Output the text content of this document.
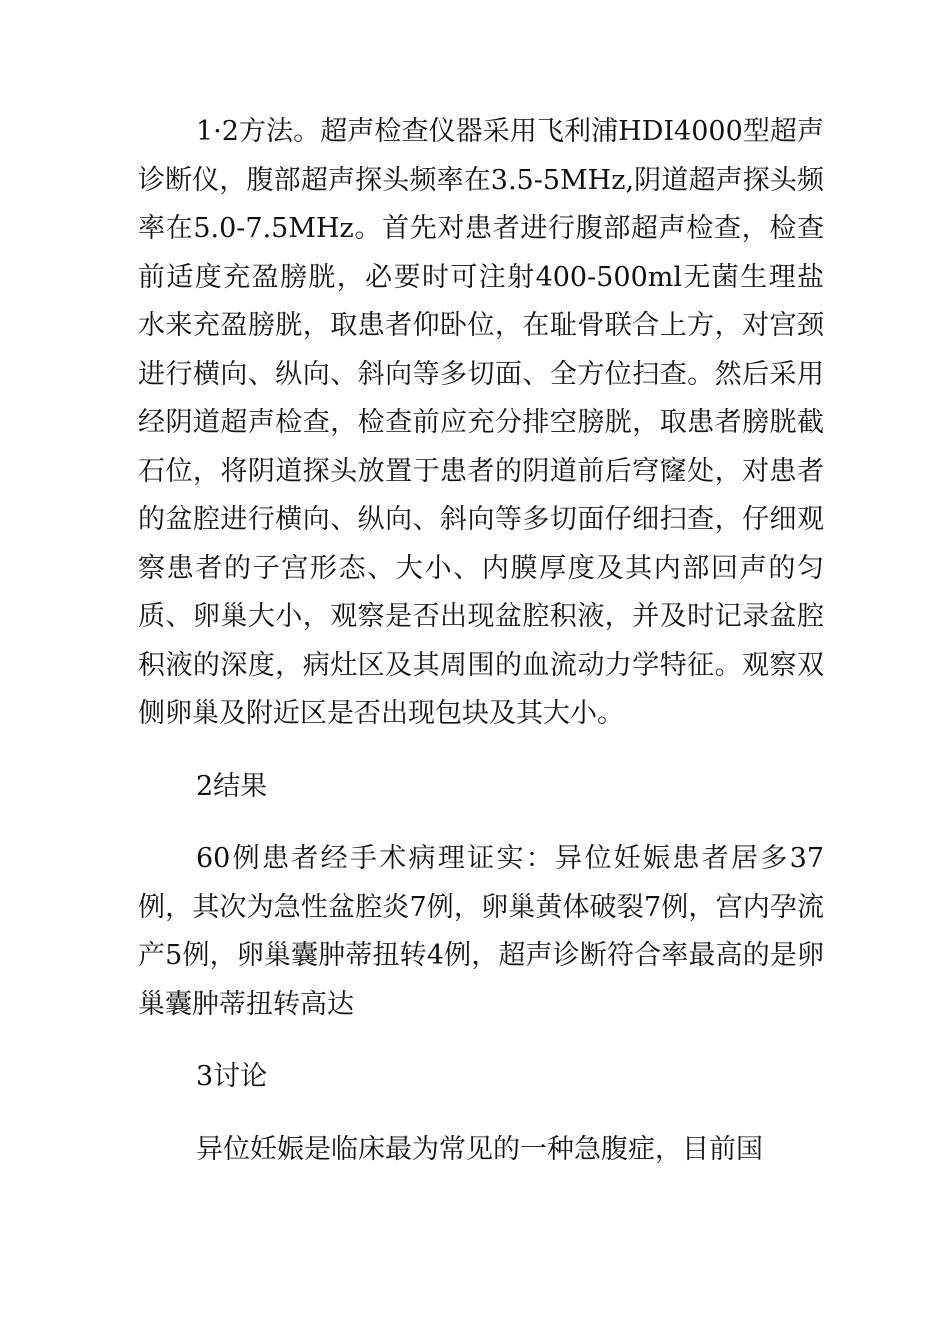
1·2方法。超声检查仪器采用飞利浦HDI4000型超声诊断仪，腹部超声探头频率在3.5-5MHz,阴道超声探头频率在5.0-7.5MHz。首先对患者进行腹部超声检查，检查前适度充盈膀胱，必要时可注射400-500ml无菌生理盐水来充盈膀胱，取患者仰卧位，在耻骨联合上方，对宫颈进行横向、纵向、斜向等多切面、全方位扫查。然后采用经阴道超声检查，检查前应充分排空膀胱，取患者膀胱截石位，将阴道探头放置于患者的阴道前后穹窿处，对患者的盆腔进行横向、纵向、斜向等多切面仔细扫查，仔细观察患者的子宫形态、大小、内膜厚度及其内部回声的匀质、卵巢大小，观察是否出现盆腔积液，并及时记录盆腔积液的深度，病灶区及其周围的血流动力学特征。观察双侧卵巢及附近区是否出现包块及其大小。

2结果

60例患者经手术病理证实：异位妊娠患者居多37例，其次为急性盆腔炎7例，卵巢黄体破裂7例，宫内孕流产5例，卵巢囊肿蒂扭转4例，超声诊断符合率最高的是卵巢囊肿蒂扭转高达

3讨论

异位妊娠是临床最为常见的一种急腹症，目前国
